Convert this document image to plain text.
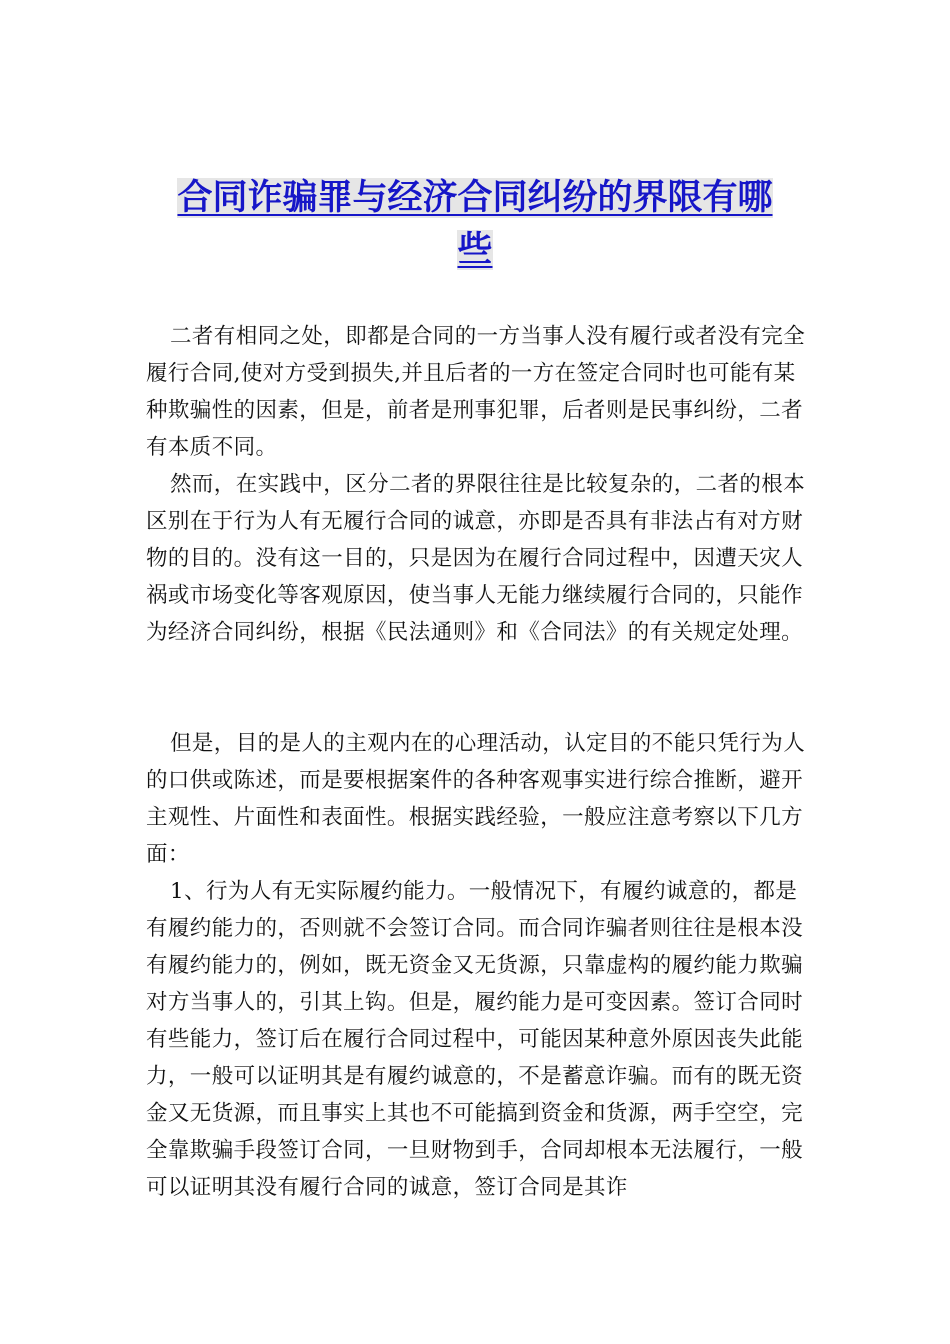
合同诈骗罪与经济合同纠纷的界限有哪
些

二者有相同之处，即都是合同的一方当事人没有履行或者没有完全履行合同,使对方受到损失,并且后者的一方在签定合同时也可能有某种欺骗性的因素，但是，前者是刑事犯罪，后者则是民事纠纷，二者有本质不同。

然而，在实践中，区分二者的界限往往是比较复杂的，二者的根本区别在于行为人有无履行合同的诚意，亦即是否具有非法占有对方财物的目的。没有这一目的，只是因为在履行合同过程中，因遭天灾人祸或市场变化等客观原因，使当事人无能力继续履行合同的，只能作为经济合同纠纷，根据《民法通则》和《合同法》的有关规定处理。

但是，目的是人的主观内在的心理活动，认定目的不能只凭行为人的口供或陈述，而是要根据案件的各种客观事实进行综合推断，避开主观性、片面性和表面性。根据实践经验，一般应注意考察以下几方面：

1、行为人有无实际履约能力。一般情况下，有履约诚意的，都是有履约能力的，否则就不会签订合同。而合同诈骗者则往往是根本没有履约能力的，例如，既无资金又无货源，只靠虚构的履约能力欺骗对方当事人的，引其上钩。但是，履约能力是可变因素。签订合同时有些能力，签订后在履行合同过程中，可能因某种意外原因丧失此能力，一般可以证明其是有履约诚意的，不是蓄意诈骗。而有的既无资金又无货源，而且事实上其也不可能搞到资金和货源，两手空空，完全靠欺骗手段签订合同，一旦财物到手，合同却根本无法履行，一般可以证明其没有履行合同的诚意，签订合同是其诈
